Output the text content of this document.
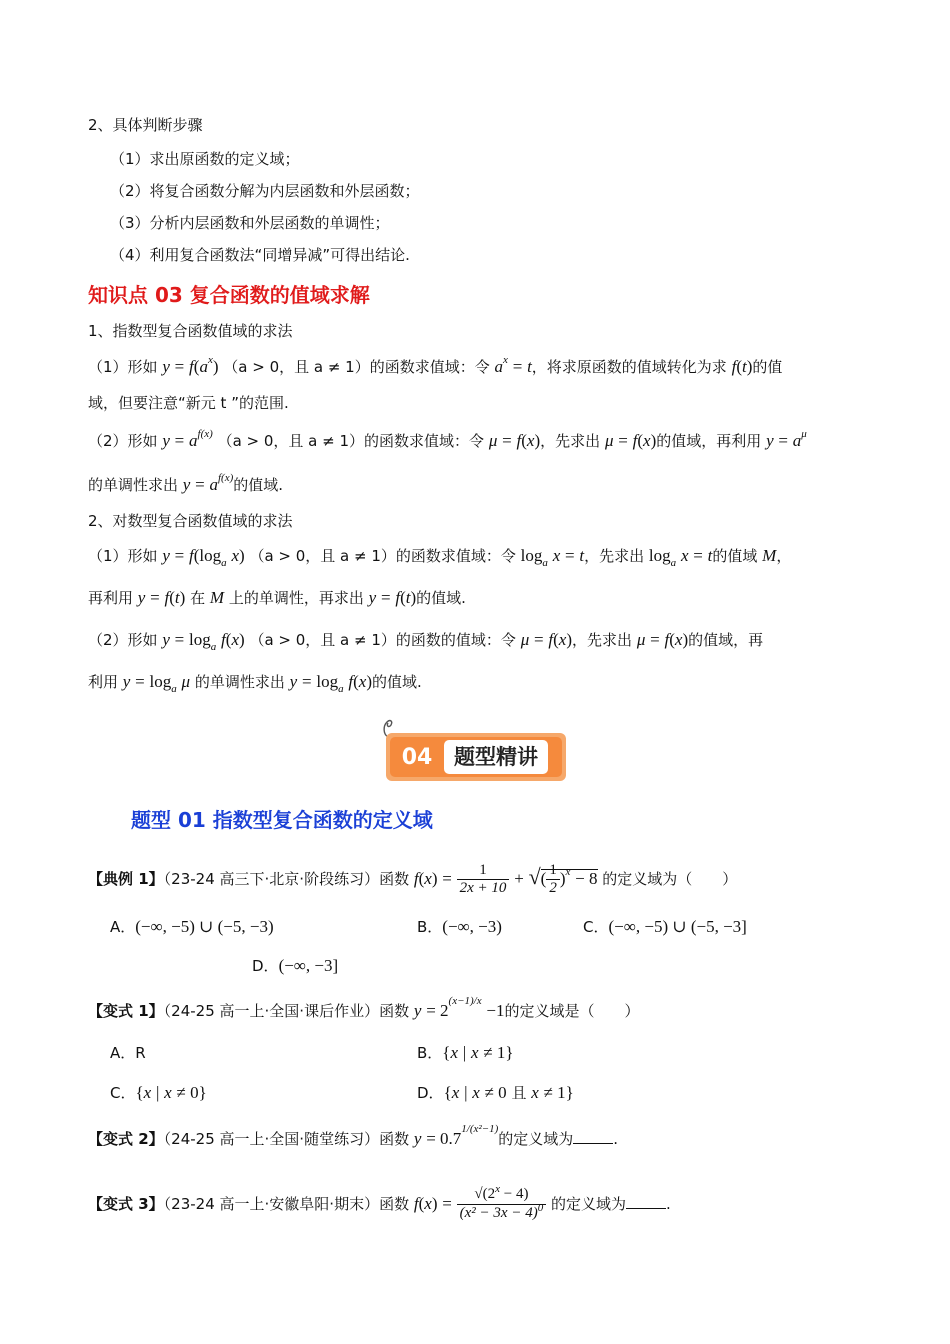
2、具体判断步骤
（1）求出原函数的定义域；
（2）将复合函数分解为内层函数和外层函数；
（3）分析内层函数和外层函数的单调性；
（4）利用复合函数法“同增异减”可得出结论.
知识点 03 复合函数的值域求解
1、指数型复合函数值域的求法
（1）形如 $y = f(a^x) (a > 0$，且 a ≠ 1）的函数求值域：令 $a^x = t$，将求原函数的值域转化为求 f(t)的值
域，但要注意“新元 t ”的范围.
（2）形如 $y = a^{f(x)}$ （a > 0，且 a ≠ 1）的函数求值域：令 μ = f(x)，先求出 μ = f(x)的值域，再利用 $y = a^\mu$
的单调性求出 $y = a^{f(x)}$的值域.
2、对数型复合函数值域的求法
（1）形如 $y = f(\log_a$ x) （a > 0，且 a ≠ 1）的函数求值域：令 $\log_a x = t$，先求出 $\log_a x = t$的值域 M，
再利用 y = f(t) 在 M 上的单调性，再求出 y = f(t)的值域.
（2）形如 $y = \log_a f(x) (a > 0$，且 a ≠ 1）的函数的值域：令 μ = f(x)，先求出 μ = f(x)的值域，再
利用 $y = \log_a \mu$ 的单调性求出 $y = \log_a f(x)$的值域.
04	题型精讲
题型 01 指数型复合函数的定义域
【典例 1】（23-24 高三下·北京·阶段练习）函数 $f(x) = \frac{1}{2x + 10}$ + √( $\frac{1}{2} )^x - 8$ 的定义域为（　　）
A．(−∞, −5) ∪ (−5, −3)	B．(−∞, −3)	C．(−∞, −5) ∪ (−5, −3]
D．(−∞, −3]
【变式 1】（24-25 高一上·全国·课后作业）函数 $y = 2^{(x-1)/x} -1$的定义域是（　　）
A．R	B．{x | x ≠ 1}
C．{x | x ≠ 0}	D．{x | x ≠ 0 且 x ≠ 1}
【变式 2】（24-25 高一上·全国·随堂练习）函数 $y = 0.7^{1/(x^2-1)}$的定义域为	.
【变式 3】（23-24 高一上·安徽阜阳·期末）函数 $f(x) = \frac{√(2^x - 4)}{(x^2 - 3x - 4)^0}$ 的定义域为	.
